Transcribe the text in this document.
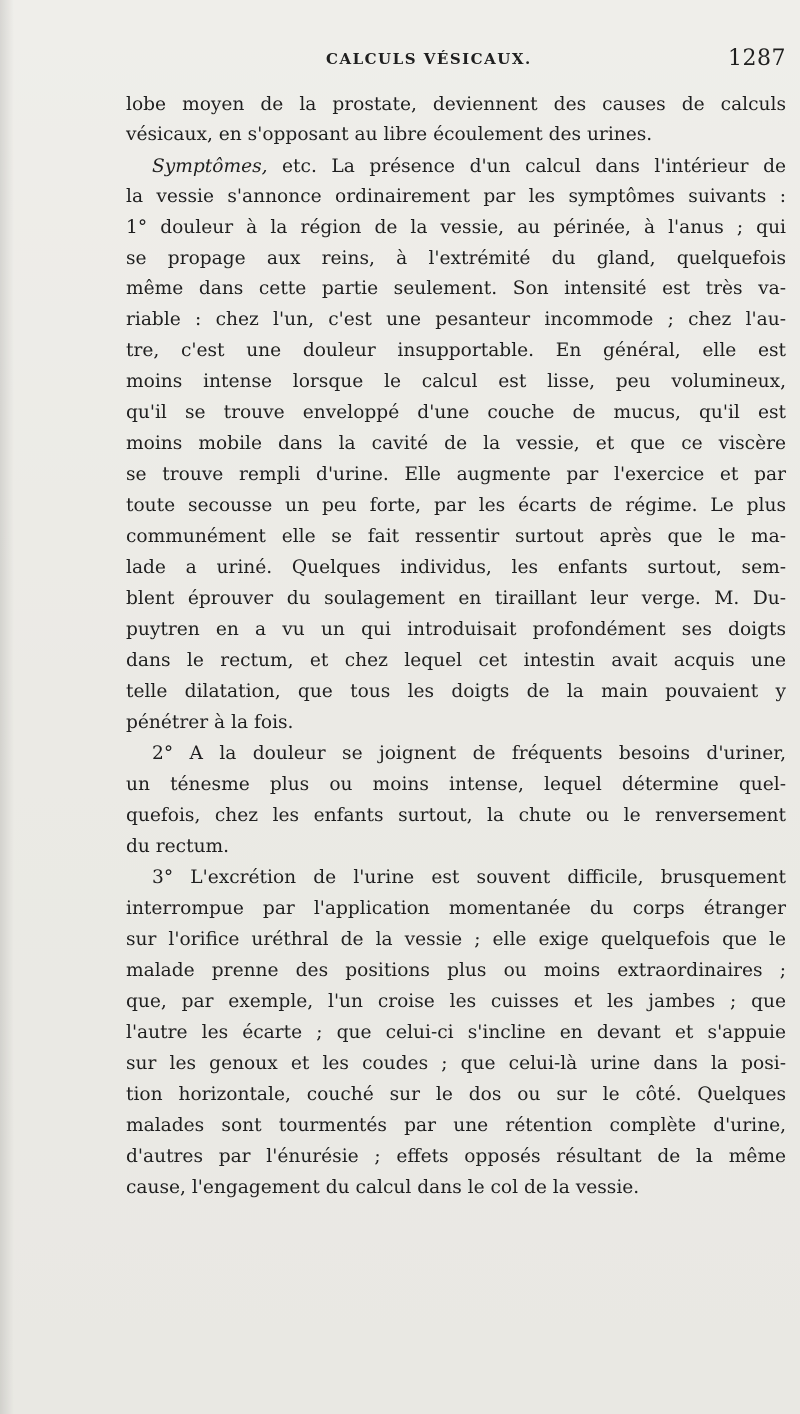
CALCULS VÉSICAUX.	1287
lobe moyen de la prostate, deviennent des causes de calculs
vésicaux, en s'opposant au libre écoulement des urines.
Symptômes, etc. La présence d'un calcul dans l'intérieur de
la vessie s'annonce ordinairement par les symptômes suivants :
1° douleur à la région de la vessie, au périnée, à l'anus ; qui
se propage aux reins, à l'extrémité du gland, quelquefois
même dans cette partie seulement. Son intensité est très va-
riable : chez l'un, c'est une pesanteur incommode ; chez l'au-
tre, c'est une douleur insupportable. En général, elle est
moins intense lorsque le calcul est lisse, peu volumineux,
qu'il se trouve enveloppé d'une couche de mucus, qu'il est
moins mobile dans la cavité de la vessie, et que ce viscère
se trouve rempli d'urine. Elle augmente par l'exercice et par
toute secousse un peu forte, par les écarts de régime. Le plus
communément elle se fait ressentir surtout après que le ma-
lade a uriné. Quelques individus, les enfants surtout, sem-
blent éprouver du soulagement en tiraillant leur verge. M. Du-
puytren en a vu un qui introduisait profondément ses doigts
dans le rectum, et chez lequel cet intestin avait acquis une
telle dilatation, que tous les doigts de la main pouvaient y
pénétrer à la fois.
2° A la douleur se joignent de fréquents besoins d'uriner,
un ténesme plus ou moins intense, lequel détermine quel-
quefois, chez les enfants surtout, la chute ou le renversement
du rectum.
3° L'excrétion de l'urine est souvent difficile, brusquement
interrompue par l'application momentanée du corps étranger
sur l'orifice uréthral de la vessie ; elle exige quelquefois que le
malade prenne des positions plus ou moins extraordinaires ;
que, par exemple, l'un croise les cuisses et les jambes ; que
l'autre les écarte ; que celui-ci s'incline en devant et s'appuie
sur les genoux et les coudes ; que celui-là urine dans la posi-
tion horizontale, couché sur le dos ou sur le côté. Quelques
malades sont tourmentés par une rétention complète d'urine,
d'autres par l'énurésie ; effets opposés résultant de la même
cause, l'engagement du calcul dans le col de la vessie.
